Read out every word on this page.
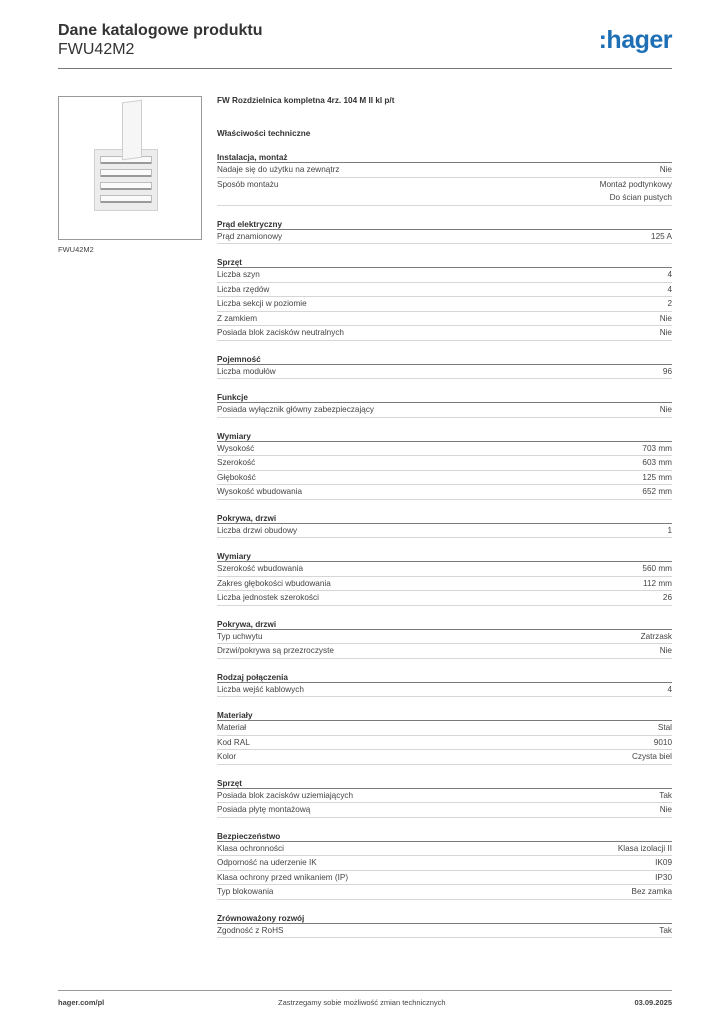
Dane katalogowe produktu
FWU42M2	:hager
FWU42M2
FW Rozdzielnica kompletna 4rz. 104 M II kl p/t
Właściwości techniczne
Instalacja, montaż
Nadaje się do użytku na zewnątrz	Nie
Sposób montażu	Montaż podtynkowy
Do ścian pustych
Prąd elektryczny
Prąd znamionowy	125 A
Sprzęt
Liczba szyn	4
Liczba rzędów	4
Liczba sekcji w poziomie	2
Z zamkiem	Nie
Posiada blok zacisków neutralnych	Nie
Pojemność
Liczba modułów	96
Funkcje
Posiada wyłącznik główny zabezpieczający	Nie
Wymiary
Wysokość	703 mm
Szerokość	603 mm
Głębokość	125 mm
Wysokość wbudowania	652 mm
Pokrywa, drzwi
Liczba drzwi obudowy	1
Wymiary
Szerokość wbudowania	560 mm
Zakres głębokości wbudowania	112 mm
Liczba jednostek szerokości	26
Pokrywa, drzwi
Typ uchwytu	Zatrzask
Drzwi/pokrywa są przezroczyste	Nie
Rodzaj połączenia
Liczba wejść kablowych	4
Materiały
Materiał	Stal
Kod RAL	9010
Kolor	Czysta biel
Sprzęt
Posiada blok zacisków uziemiających	Tak
Posiada płytę montażową	Nie
Bezpieczeństwo
Klasa ochronności	Klasa izolacji II
Odporność na uderzenie IK	IK09
Klasa ochrony przed wnikaniem (IP)	IP30
Typ blokowania	Bez zamka
Zrównoważony rozwój
Zgodność z RoHS	Tak
hager.com/pl	Zastrzegamy sobie możliwość zmian technicznych	03.09.2025
